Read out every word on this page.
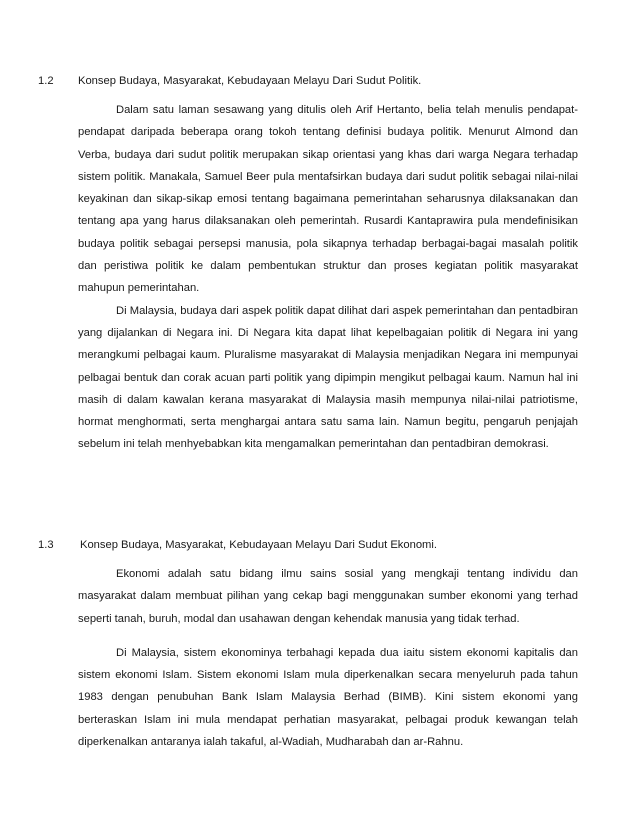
1.2 Konsep Budaya, Masyarakat, Kebudayaan Melayu Dari Sudut Politik.

Dalam satu laman sesawang yang ditulis oleh Arif Hertanto, belia telah menulis pendapat-pendapat daripada beberapa orang tokoh tentang definisi budaya politik. Menurut Almond dan Verba, budaya dari sudut politik merupakan sikap orientasi yang khas dari warga Negara terhadap sistem politik. Manakala, Samuel Beer pula mentafsirkan budaya dari sudut politik sebagai nilai-nilai keyakinan dan sikap-sikap emosi tentang bagaimana pemerintahan seharusnya dilaksanakan dan tentang apa yang harus dilaksanakan oleh pemerintah. Rusardi Kantaprawira pula mendefinisikan budaya politik sebagai persepsi manusia, pola sikapnya terhadap berbagai-bagai masalah politik dan peristiwa politik ke dalam pembentukan struktur dan proses kegiatan politik masyarakat mahupun pemerintahan.

Di Malaysia, budaya dari aspek politik dapat dilihat dari aspek pemerintahan dan pentadbiran yang dijalankan di Negara ini. Di Negara kita dapat lihat kepelbagaian politik di Negara ini yang merangkumi pelbagai kaum. Pluralisme masyarakat di Malaysia menjadikan Negara ini mempunyai pelbagai bentuk dan corak acuan parti politik yang dipimpin mengikut pelbagai kaum. Namun hal ini masih di dalam kawalan kerana masyarakat di Malaysia masih mempunya nilai-nilai patriotisme, hormat menghormati, serta menghargai antara satu sama lain. Namun begitu, pengaruh penjajah sebelum ini telah menhyebabkan kita mengamalkan pemerintahan dan pentadbiran demokrasi.

1.3 Konsep Budaya, Masyarakat, Kebudayaan Melayu Dari Sudut Ekonomi.

Ekonomi adalah satu bidang ilmu sains sosial yang mengkaji tentang individu dan masyarakat dalam membuat pilihan yang cekap bagi menggunakan sumber ekonomi yang terhad seperti tanah, buruh, modal dan usahawan dengan kehendak manusia yang tidak terhad.

Di Malaysia, sistem ekonominya terbahagi kepada dua iaitu sistem ekonomi kapitalis dan sistem ekonomi Islam. Sistem ekonomi Islam mula diperkenalkan secara menyeluruh pada tahun 1983 dengan penubuhan Bank Islam Malaysia Berhad (BIMB). Kini sistem ekonomi yang berteraskan Islam ini mula mendapat perhatian masyarakat, pelbagai produk kewangan telah diperkenalkan antaranya ialah takaful, al-Wadiah, Mudharabah dan ar-Rahnu.
